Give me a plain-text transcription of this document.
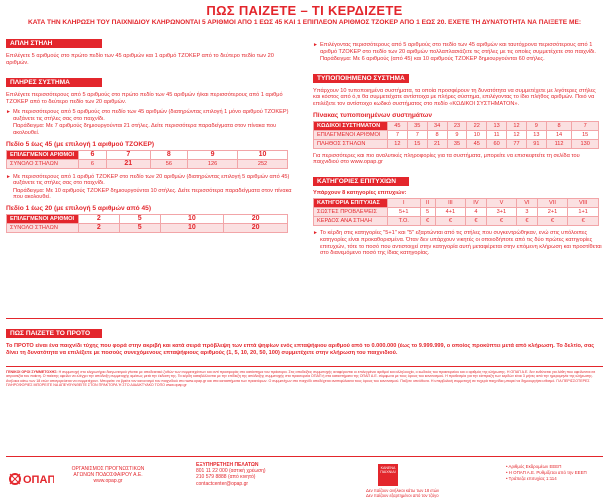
ΠΩΣ ΠΑΙΖΕΤΕ – ΤΙ ΚΕΡΔΙΖΕΤΕ
ΚΑΤΑ ΤΗΝ ΚΛΗΡΩΣΗ ΤΟΥ ΠΑΙΧΝΙΔΙΟΥ ΚΛΗΡΩΝΟΝΤΑΙ 5 ΑΡΙΘΜΟΙ ΑΠΟ 1 ΕΩΣ 45 ΚΑΙ 1 ΕΠΙΠΛΕΟΝ ΑΡΙΘΜΟΣ ΤΖΟΚΕΡ ΑΠΟ 1 ΕΩΣ 20. ΕΧΕΤΕ ΤΗ ΔΥΝΑΤΟΤΗΤΑ ΝΑ ΠΑΙΞΕΤΕ ΜΕ:
ΑΠΛΗ ΣΤΗΛΗ
Επιλέγετε 5 αριθμούς στο πρώτο πεδίο των 45 αριθμών και 1 αριθμό ΤΖΟΚΕΡ από το δεύτερο πεδίο των 20 αριθμών.
ΠΛΗΡΕΣ ΣΥΣΤΗΜΑ
Επιλέγετε περισσότερους από 5 αριθμούς στο πρώτο πεδίο των 45 αριθμών ή/και περισσότερους από 1 αριθμό ΤΖΟΚΕΡ από το δεύτερο πεδίο των 20 αριθμών.
► Με περισσότερους από 5 αριθμούς στο πεδίο των 45 αριθμών (διατηρώντας επιλογή 1 μόνο αριθμού ΤΖΟΚΕΡ) αυξάνετε τις στήλες σας στο παιχνίδι.
Παράδειγμα: Με 7 αριθμούς δημιουργούνται 21 στήλες. Δείτε περισσότερα παραδείγματα στον πίνακα που ακολουθεί.
Πεδίο 5 έως 45 (με επιλογή 1 αριθμού ΤΖΟΚΕΡ)
ΕΠΙΛΕΓΜΕΝΟΙ ΑΡΙΘΜΟΙ	6	7	8	9	10
ΣΥΝΟΛΟ ΣΤΗΛΩΝ	6	21	56	126	252
► Με περισσότερους από 1 αριθμό ΤΖΟΚΕΡ στο πεδίο των 20 αριθμών (διατηρώντας επιλογή 5 αριθμών από 45) αυξάνετε τις στήλες σας στο παιχνίδι.
Παράδειγμα: Με 10 αριθμούς ΤΖΟΚΕΡ δημιουργούνται 10 στήλες. Δείτε περισσότερα παραδείγματα στον πίνακα που ακολουθεί.
Πεδίο 1 έως 20 (με επιλογή 5 αριθμών από 45)
ΕΠΙΛΕΓΜΕΝΟΙ ΑΡΙΘΜΟΙ	2	5	10	20
ΣΥΝΟΛΟ ΣΤΗΛΩΝ	2	5	10	20
► Επιλέγοντας περισσότερους από 5 αριθμούς στο πεδίο των 45 αριθμών και ταυτόχρονα περισσότερους από 1 αριθμό ΤΖΟΚΕΡ στο πεδίο των 20 αριθμών πολλαπλασιάζετε τις στήλες με τις οποίες συμμετέχετε στο παιχνίδι.
Παράδειγμα: Με 6 αριθμούς (από 45) και 10 αριθμούς ΤΖΟΚΕΡ δημιουργούνται 60 στήλες.
ΤΥΠΟΠΟΙΗΜΕΝΟ ΣΥΣΤΗΜΑ
Υπάρχουν 10 τυποποιημένα συστήματα, τα οποία προσφέρουν τη δυνατότητα να συμμετέχετε με λιγότερες στήλες και κόστος από ό,τι θα συμμετείχατε αντίστοιχα με πλήρες σύστημα, επιλέγοντας το ίδιο πλήθος αριθμών. Ποιό να επιλέξετε τον αντίστοιχο κωδικό συστήματος στο πεδίο «ΚΩΔΙΚΟΙ ΣΥΣΤΗΜΑΤΟΝ».
Πίνακας τυποποιημένων συστημάτων
ΚΩΔΙΚΟΙ ΣΥΣΤΗΜΑΤΟΝ	45	35	34	23	22	13	12	9	8	7
ΕΠΙΛΕΓΜΕΝΟΙ ΑΡΙΘΜΟΙ	7	7	8	9	10	11	12	13	14	15
ΠΛΗΘΟΣ ΣΤΗΛΩΝ	12	15	21	35	45	60	77	91	112	130
Για περισσότερες και πιο αναλυτικές πληροφορίες για τα συστήματα, μπορείτε να επισκεφτείτε τη σελίδα του παιχνιδιού στο www.opap.gr
ΚΑΤΗΓΟΡΙΕΣ ΕΠΙΤΥΧΙΩΝ
Υπάρχουν 8 κατηγορίες επιτυχιών:
ΚΑΤΗΓΟΡΙΑ ΕΠΙΤΥΧΙΑΣ	I	II	III	IV	V	VI	VII	VIII
ΣΩΣΤΕΣ ΠΡΟΒΛΕΨΕΙΣ	5+1	5	4+1	4	3+1	3	2+1	1+1
ΚΕΡΔΟΣ ΑΝΑ ΣΤΗΛΗ	T.O.	€	€	€	€	€	€	€
► Το κέρδη στις κατηγορίες "5+1" και "5" εξαρτώνται από τις στήλες που συγκεντρώθηκαν, ενώ στις υπόλοιπες κατηγορίες είναι προκαθορισμένα. Όταν δεν υπάρχουν νικητές οι οποιοδήποτε από τις δύο πρώτες κατηγορίες επιτυχιών, τότε το ποσό που αντιστοιχεί στην κατηγορία αυτή μεταφέρεται στην επόμενη κλήρωση και προστίθεται στο διανεμόμενο ποσό της ίδιας κατηγορίας.
ΠΩΣ ΠΑΙΖΕΤΕ ΤΟ ΠΡΟΤΟ
Το ΠΡΟΤΟ είναι ένα παιχνίδι τύχης που φορά στην ακριβή και κατά σειρά πρόβλεψη των επτά ψηφίων ενός επταψήφιου αριθμού από το 0.000.000 (έως το 9.999.999, ο οποίος προκύπτει μετά από κλήρωση. Το δελτίο, σας δίνει τη δυνατότητα να επιλέξετε με ποσούς συνεχόμενους επταψήφιους αριθμούς (1, 5, 10, 20, 50, 100) συμμετέχετε στην κλήρωση του παιχνιδιού.
ΓΕΝΙΚΟΙ ΟΡΟΙ ΣΥΜΜΕΤΟΧΗΣ: Η συμμετοχή στο κληρωτήριο διαγωνισμού γίνεται με αποδεικτικό ζυθών των συμμετεχόντων και αντί προσφοράς στο κατάστημα του πράκτορα. Στις αποδείξεις συμμετοχής αναφέρονται οι επιλεγμένοι αριθμοί και αλληλουχία, ο κωδικός του πρακτορείου και ο αριθμός της κλήρωσης. Η ΟΠΑΠ Α.Ε. δεν ευθύνεται για λάθη που οφείλονται σε απροσεξία του παίκτη. Ο παίκτης οφείλει να ελέγχει την απόδειξη συμμετοχής αμέσως μετά την έκδοση της. Τα κέρδη καταβάλλονται με την επίδειξη της απόδειξης συμμετοχής στα πρακτορεία ΟΠΑΠ ή στα καταστήματα της ΟΠΑΠ Α.Ε. σύμφωνα με τους όρους του κανονισμού. Η προθεσμία για την είσπραξη των κερδών είναι 3 μήνες από την ημερομηνία της κλήρωσης. Ανήλικοι κάτω των 18 ετών απαγορεύεται να συμμετέχουν. Μπορείτε να βρείτε τον κανονισμό του παιχνιδιού στο www.opap.gr και στα καταστήματα των πρακτόρων. Ο συμμετέχων στο παιχνίδι αποδέχεται ανεπιφύλακτα τους όρους του κανονισμού. Παίζετε υπεύθυνα. Η υπερβολική συμμετοχή σε τυχερά παιχνίδια μπορεί να δημιουργήσει εθισμό. ΓΙΑ ΠΕΡΙΣΣΟΤΕΡΕΣ ΠΛΗΡΟΦΟΡΙΕΣ ΜΠΟΡΕΙΤΕ ΝΑ ΑΠΕΥΘΥΝΘΕΙΤΕ ΣΤΟΝ ΠΡΑΚΤΟΡΑ Ή ΣΤΟ ΔΙΑΔΙΚΤΥΑΚΟ ΤΟΠΟ www.opap.gr
ΟΠΑΠ
ΟΡΓΑΝΙΣΜΟΣ ΠΡΟΓΝΩΣΤΙΚΩΝ
ΑΓΩΝΩΝ ΠΟΔΟΣΦΑΙΡΟΥ Α.Ε.
www.opap.gr
ΕΞΥΠΗΡΕΤΗΣΗ ΠΕΛΑΤΩΝ
801 11 22 000 (αστική χρέωση)
210 579 8888 (από κινητό)
contactcenter@opap.gr
ΚΑΝΕΝΑ ΠΑΙΧΝΙΔΙ
Δεν παίζουν ανήλικοι κάτω των 18 ετών
Δεν παίζουν εξαρτημένοι από τον τζόγο
• Αριθμός Εκδρομέων ΕΕΕΠ
• Η ΟΠΑΠ Α.Ε. Ρυθμίζεται από την ΕΕΕΠ
• Τράπεζα επιτυχίας 1:114
